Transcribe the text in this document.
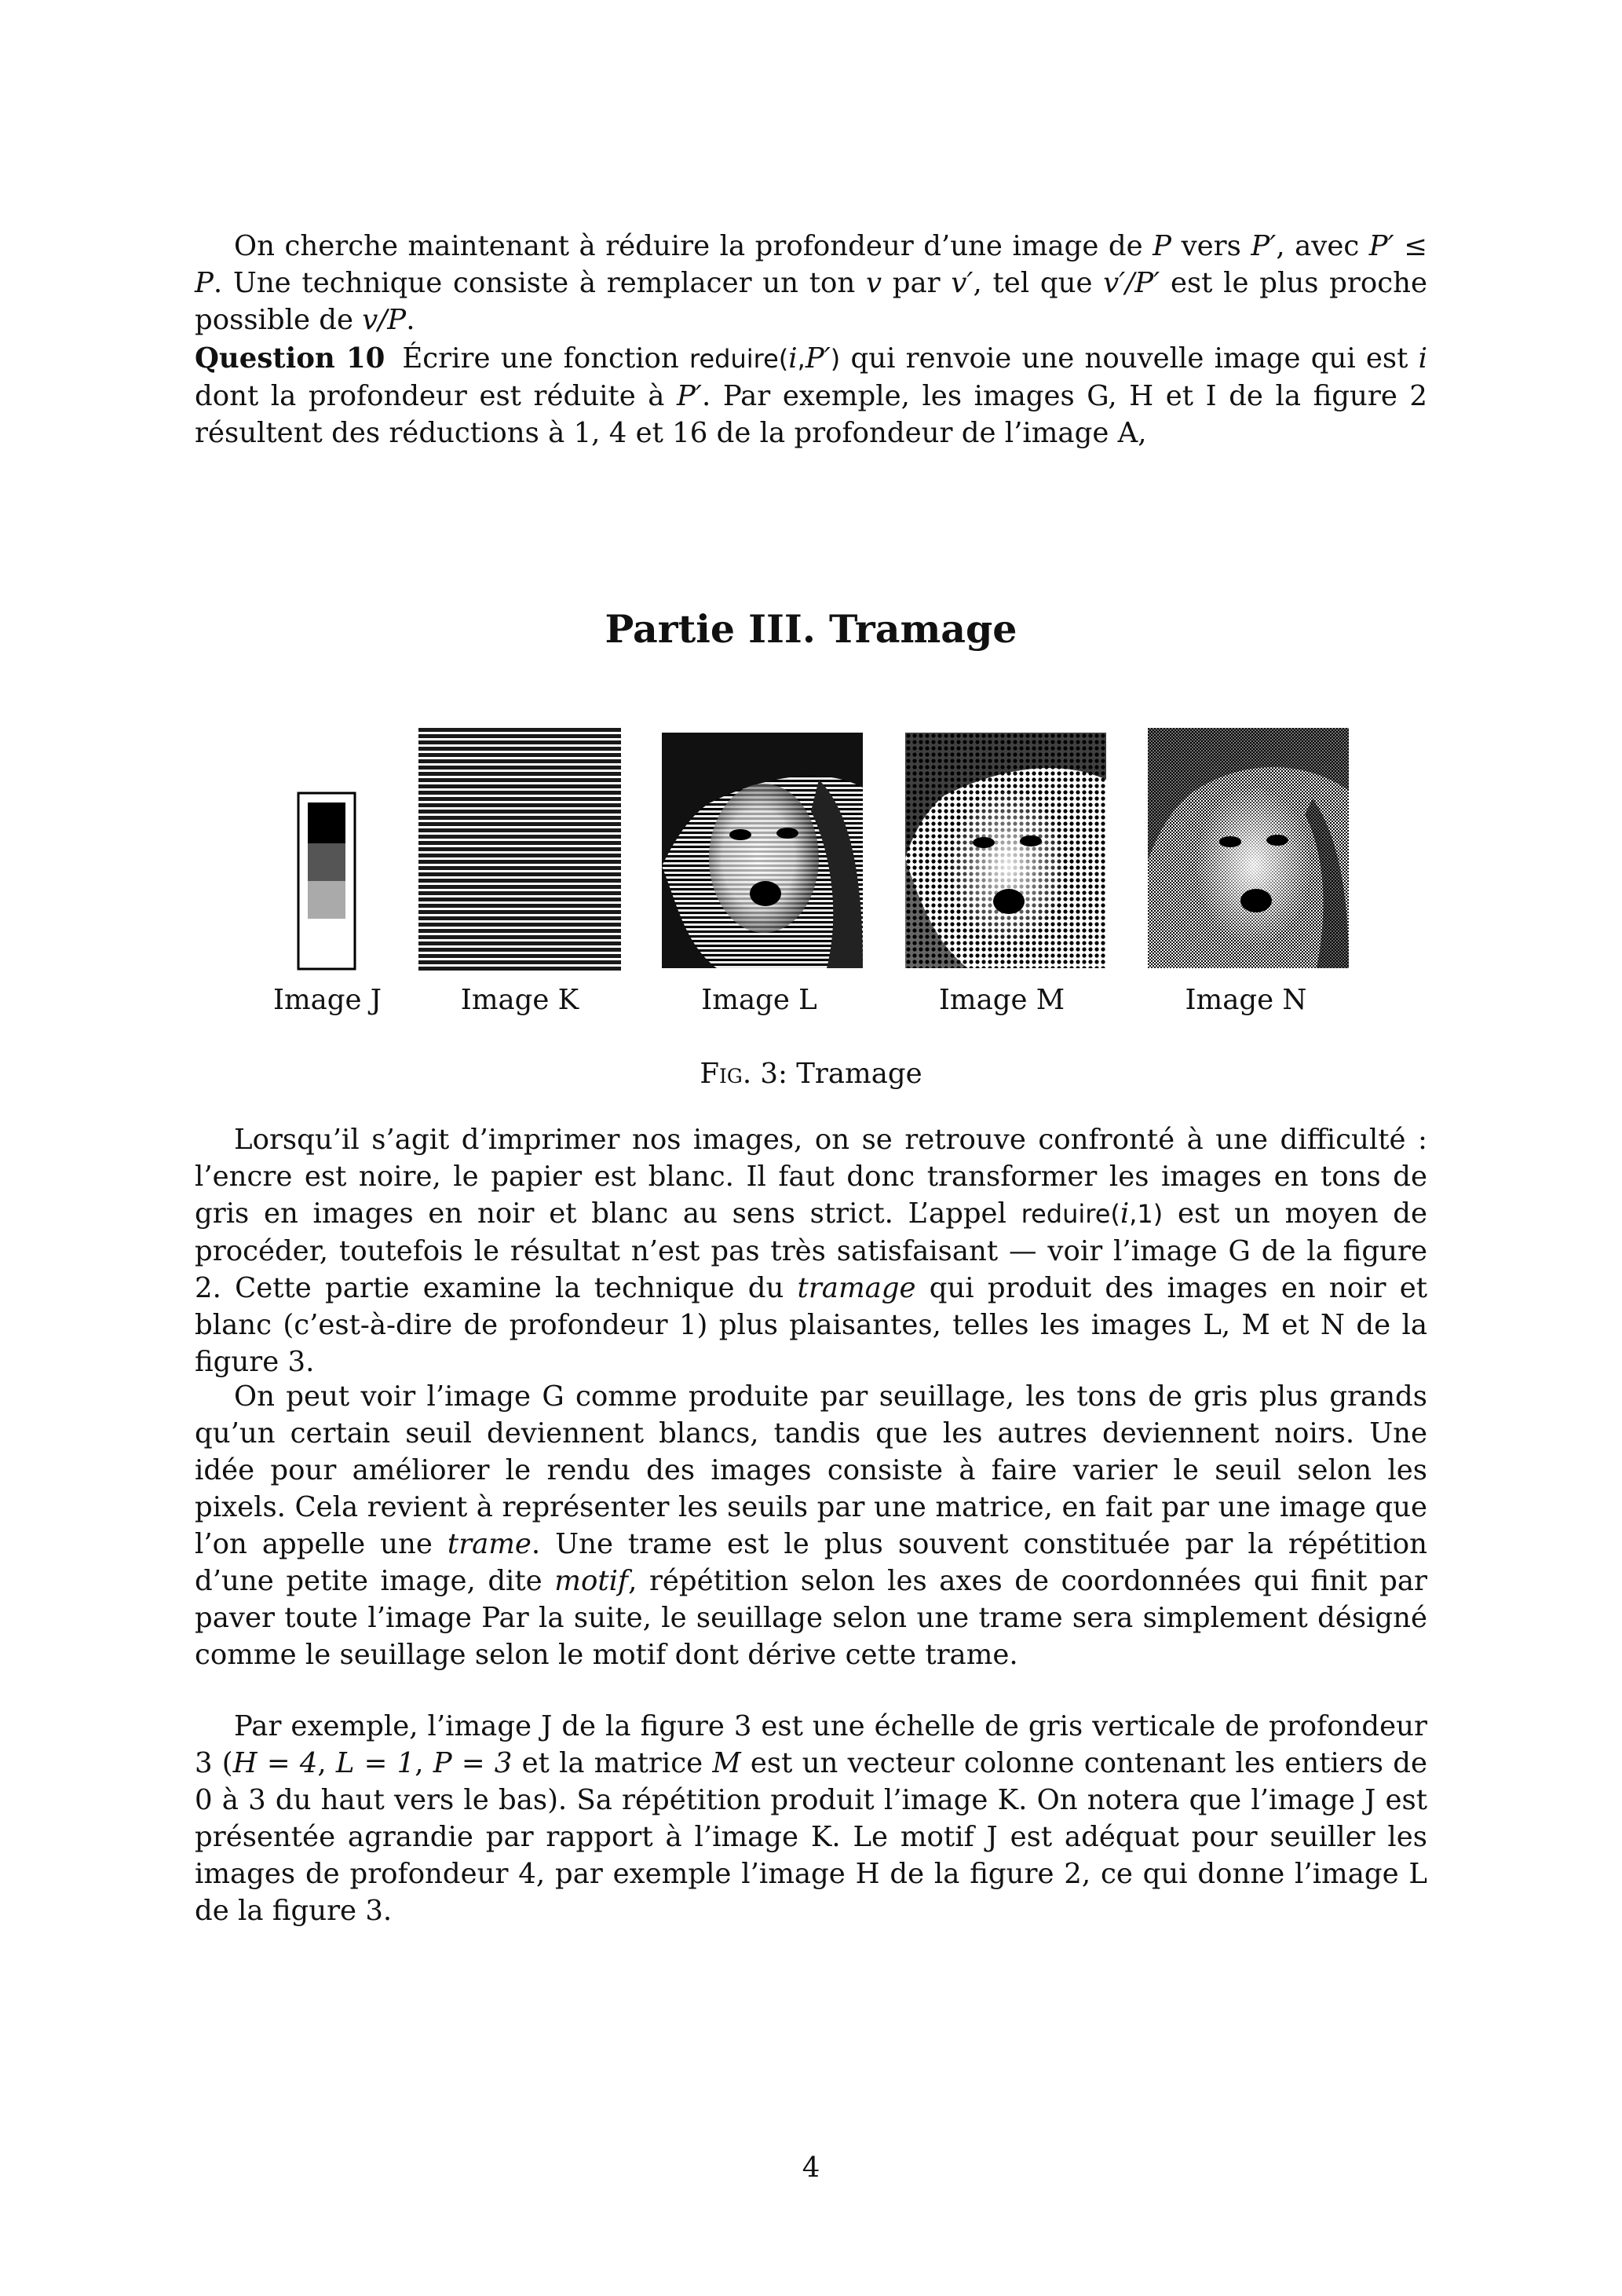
On cherche maintenant à réduire la profondeur d’une image de P vers P′, avec P′ ≤ P. Une technique consiste à remplacer un ton v par v′, tel que v′/P′ est le plus proche possible de v/P.

Question 10 Écrire une fonction reduire(i,P′) qui renvoie une nouvelle image qui est i dont la profondeur est réduite à P′. Par exemple, les images G, H et I de la figure 2 résultent des réductions à 1, 4 et 16 de la profondeur de l’image A,

Partie III. Tramage
Image J	Image K	Image L	Image M	Image N
Fig. 3: Tramage

Lorsqu’il s’agit d’imprimer nos images, on se retrouve confronté à une difficulté : l’encre est noire, le papier est blanc. Il faut donc transformer les images en tons de gris en images en noir et blanc au sens strict. L’appel reduire(i,1) est un moyen de procéder, toutefois le résultat n’est pas très satisfaisant — voir l’image G de la figure 2. Cette partie examine la technique du tramage qui produit des images en noir et blanc (c’est-à-dire de profondeur 1) plus plaisantes, telles les images L, M et N de la figure 3.

On peut voir l’image G comme produite par seuillage, les tons de gris plus grands qu’un certain seuil deviennent blancs, tandis que les autres deviennent noirs. Une idée pour améliorer le rendu des images consiste à faire varier le seuil selon les pixels. Cela revient à représenter les seuils par une matrice, en fait par une image que l’on appelle une trame. Une trame est le plus souvent constituée par la répétition d’une petite image, dite motif, répétition selon les axes de coordonnées qui finit par paver toute l’image Par la suite, le seuillage selon une trame sera simplement désigné comme le seuillage selon le motif dont dérive cette trame.

Par exemple, l’image J de la figure 3 est une échelle de gris verticale de profondeur 3 (H = 4, L = 1, P = 3 et la matrice M est un vecteur colonne contenant les entiers de 0 à 3 du haut vers le bas). Sa répétition produit l’image K. On notera que l’image J est présentée agrandie par rapport à l’image K. Le motif J est adéquat pour seuiller les images de profondeur 4, par exemple l’image H de la figure 2, ce qui donne l’image L de la figure 3.

4
